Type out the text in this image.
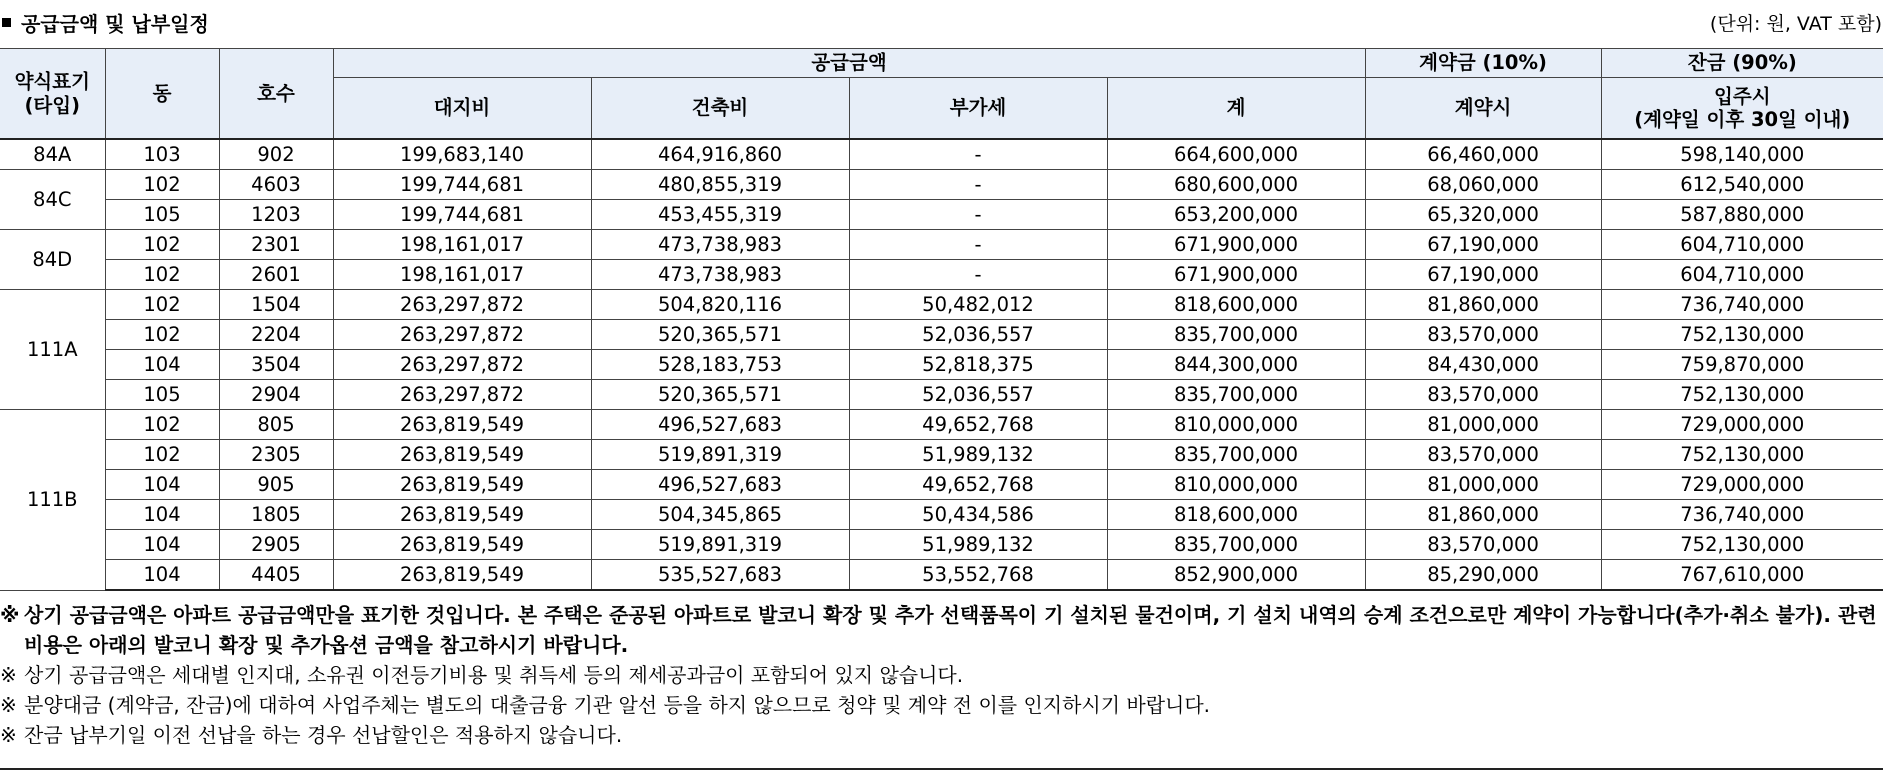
공급금액 및 납부일정	(단위: 원, VAT 포함)
약식표기
(타입)	동	호수	공급금액				계약금 (10%)	잔금 (90%)
			대지비	건축비	부가세	계	계약시	입주시
(계약일 이후 30일 이내)
84A	103	902	199,683,140	464,916,860	-	664,600,000	66,460,000	598,140,000
84C	102	4603	199,744,681	480,855,319	-	680,600,000	68,060,000	612,540,000
	105	1203	199,744,681	453,455,319	-	653,200,000	65,320,000	587,880,000
84D	102	2301	198,161,017	473,738,983	-	671,900,000	67,190,000	604,710,000
	102	2601	198,161,017	473,738,983	-	671,900,000	67,190,000	604,710,000
111A	102	1504	263,297,872	504,820,116	50,482,012	818,600,000	81,860,000	736,740,000
	102	2204	263,297,872	520,365,571	52,036,557	835,700,000	83,570,000	752,130,000
	104	3504	263,297,872	528,183,753	52,818,375	844,300,000	84,430,000	759,870,000
	105	2904	263,297,872	520,365,571	52,036,557	835,700,000	83,570,000	752,130,000
111B	102	805	263,819,549	496,527,683	49,652,768	810,000,000	81,000,000	729,000,000
	102	2305	263,819,549	519,891,319	51,989,132	835,700,000	83,570,000	752,130,000
	104	905	263,819,549	496,527,683	49,652,768	810,000,000	81,000,000	729,000,000
	104	1805	263,819,549	504,345,865	50,434,586	818,600,000	81,860,000	736,740,000
	104	2905	263,819,549	519,891,319	51,989,132	835,700,000	83,570,000	752,130,000
	104	4405	263,819,549	535,527,683	53,552,768	852,900,000	85,290,000	767,610,000
※ 상기 공급금액은 아파트 공급금액만을 표기한 것입니다. 본 주택은 준공된 아파트로 발코니 확장 및 추가 선택품목이 기 설치된 물건이며, 기 설치 내역의 승계 조건으로만 계약이 가능합니다(추가·취소 불가). 관련 비용은 아래의 발코니 확장 및 추가옵션 금액을 참고하시기 바랍니다.
※ 상기 공급금액은 세대별 인지대, 소유권 이전등기비용 및 취득세 등의 제세공과금이 포함되어 있지 않습니다.
※ 분양대금 (계약금, 잔금)에 대하여 사업주체는 별도의 대출금융 기관 알선 등을 하지 않으므로 청약 및 계약 전 이를 인지하시기 바랍니다.
※ 잔금 납부기일 이전 선납을 하는 경우 선납할인은 적용하지 않습니다.
